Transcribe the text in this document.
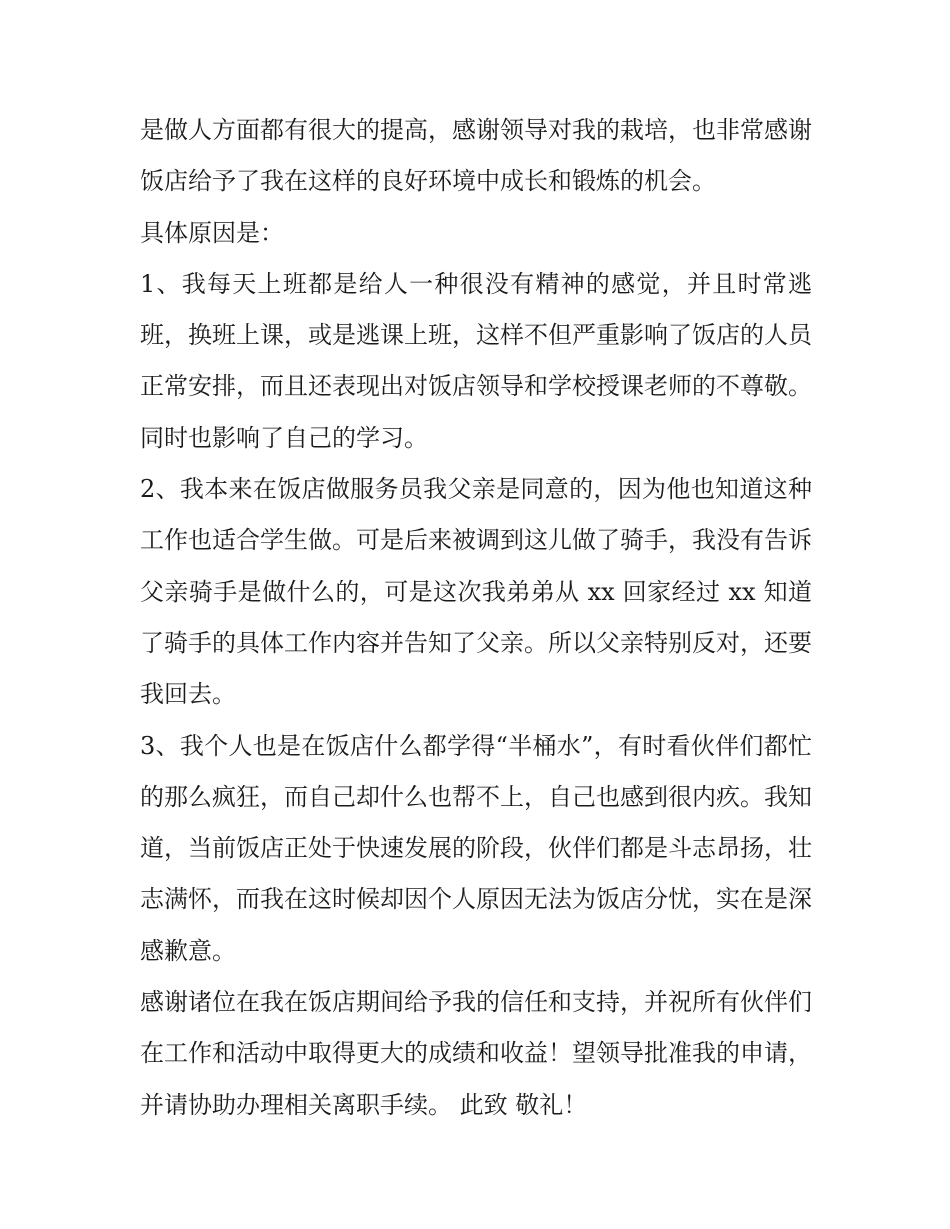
是做人方面都有很大的提高，感谢领导对我的栽培，也非常感谢饭店给予了我在这样的良好环境中成长和锻炼的机会。

具体原因是：

1、我每天上班都是给人一种很没有精神的感觉，并且时常逃班，换班上课，或是逃课上班，这样不但严重影响了饭店的人员正常安排，而且还表现出对饭店领导和学校授课老师的不尊敬。同时也影响了自己的学习。

2、我本来在饭店做服务员我父亲是同意的，因为他也知道这种工作也适合学生做。可是后来被调到这儿做了骑手，我没有告诉父亲骑手是做什么的，可是这次我弟弟从 xx 回家经过 xx 知道了骑手的具体工作内容并告知了父亲。所以父亲特别反对，还要我回去。

3、我个人也是在饭店什么都学得“半桶水”，有时看伙伴们都忙的那么疯狂，而自己却什么也帮不上，自己也感到很内疚。我知道，当前饭店正处于快速发展的阶段，伙伴们都是斗志昂扬，壮志满怀，而我在这时候却因个人原因无法为饭店分忧，实在是深感歉意。

感谢诸位在我在饭店期间给予我的信任和支持，并祝所有伙伴们在工作和活动中取得更大的成绩和收益！望领导批准我的申请，并请协助办理相关离职手续。 此致 敬礼！
